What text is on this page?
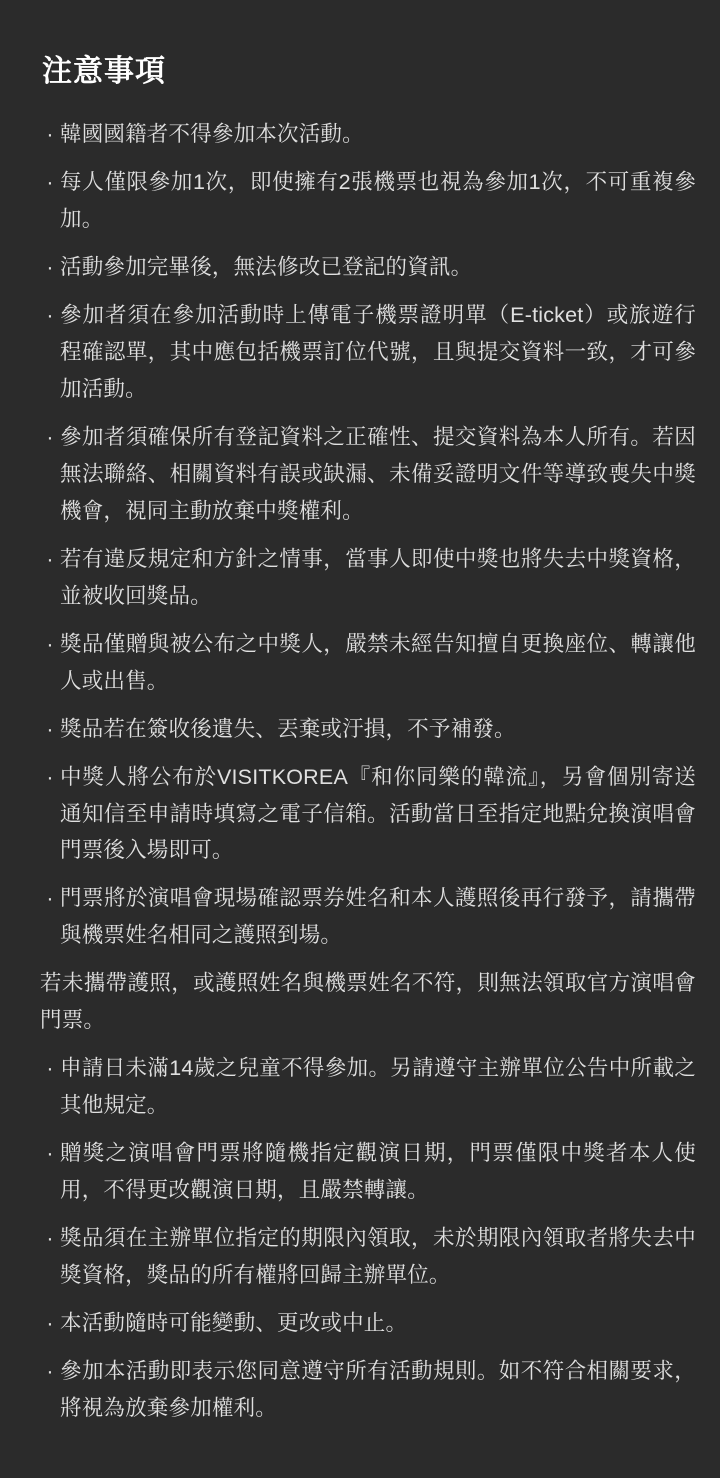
注意事項
· 韓國國籍者不得參加本次活動。
· 每人僅限參加1次，即使擁有2張機票也視為參加1次，不可重複參加。
· 活動參加完畢後，無法修改已登記的資訊。
· 參加者須在參加活動時上傳電子機票證明單（E-ticket）或旅遊行程確認單，其中應包括機票訂位代號，且與提交資料一致，才可參加活動。
· 參加者須確保所有登記資料之正確性、提交資料為本人所有。若因無法聯絡、相關資料有誤或缺漏、未備妥證明文件等導致喪失中獎機會，視同主動放棄中獎權利。
· 若有違反規定和方針之情事，當事人即使中獎也將失去中獎資格，並被收回獎品。
· 獎品僅贈與被公布之中獎人，嚴禁未經告知擅自更換座位、轉讓他人或出售。
· 獎品若在簽收後遺失、丟棄或汙損，不予補發。
· 中獎人將公布於VISITKOREA『和你同樂的韓流』，另會個別寄送通知信至申請時填寫之電子信箱。活動當日至指定地點兌換演唱會門票後入場即可。
· 門票將於演唱會現場確認票券姓名和本人護照後再行發予，請攜帶與機票姓名相同之護照到場。
若未攜帶護照，或護照姓名與機票姓名不符，則無法領取官方演唱會門票。
· 申請日未滿14歲之兒童不得參加。另請遵守主辦單位公告中所載之其他規定。
· 贈獎之演唱會門票將隨機指定觀演日期，門票僅限中獎者本人使用，不得更改觀演日期，且嚴禁轉讓。
· 獎品須在主辦單位指定的期限內領取，未於期限內領取者將失去中獎資格，獎品的所有權將回歸主辦單位。
· 本活動隨時可能變動、更改或中止。
· 參加本活動即表示您同意遵守所有活動規則。如不符合相關要求，將視為放棄參加權利。
